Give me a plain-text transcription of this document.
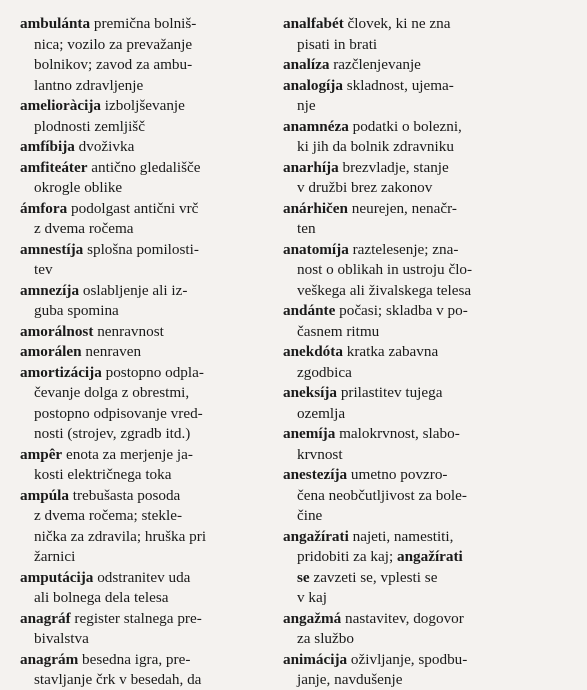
ambulánta premična bolniš-
nica; vozilo za prevažanje
bolnikov; zavod za ambu-
lantno zdravljenje
amelioràcija izboljševanje
plodnosti zemljišč
amfíbija dvoživka
amfiteáter antično gledališče
okrogle oblike
ámfora podolgast antični vrč
z dvema ročema
amnestíja splošna pomilosti-
tev
amnezíja oslabljenje ali iz-
guba spomina
amorálnost nenravnost
amorálen nenraven
amortizácija postopno odpla-
čevanje dolga z obrestmi,
postopno odpisovanje vred-
nosti (strojev, zgradb itd.)
ampêr enota za merjenje ja-
kosti električnega toka
ampúla trebušasta posoda
z dvema ročema; stekle-
nička za zdravila; hruška pri
žarnici
amputácija odstranitev uda
ali bolnega dela telesa
anagráf register stalnega pre-
bivalstva
anagrám besedna igra, pre-
stavljanje črk v besedah, da
analfabét človek, ki ne zna
pisati in brati
analíza razčlenjevanje
analogíja skladnost, ujema-
nje
anamnéza podatki o bolezni,
ki jih da bolnik zdravniku
anarhíja brezvladje, stanje
v družbi brez zakonov
anárhičen neurejen, nenačr-
ten
anatomíja raztelesenje; zna-
nost o oblikah in ustroju člo-
veškega ali živalskega telesa
andánte počasi; skladba v po-
časnem ritmu
anekdóta kratka zabavna
zgodbica
aneksíja prilastitev tujega
ozemlja
anemíja malokrvnost, slabo-
krvnost
anestezíja umetno povzro-
čena neobčutljivost za bole-
čine
angažírati najeti, namestiti,
pridobiti za kaj; angažírati
se zavzeti se, vplesti se
v kaj
angažmá nastavitev, dogovor
za službo
animácija oživljanje, spodbu-
janje, navdušenje
